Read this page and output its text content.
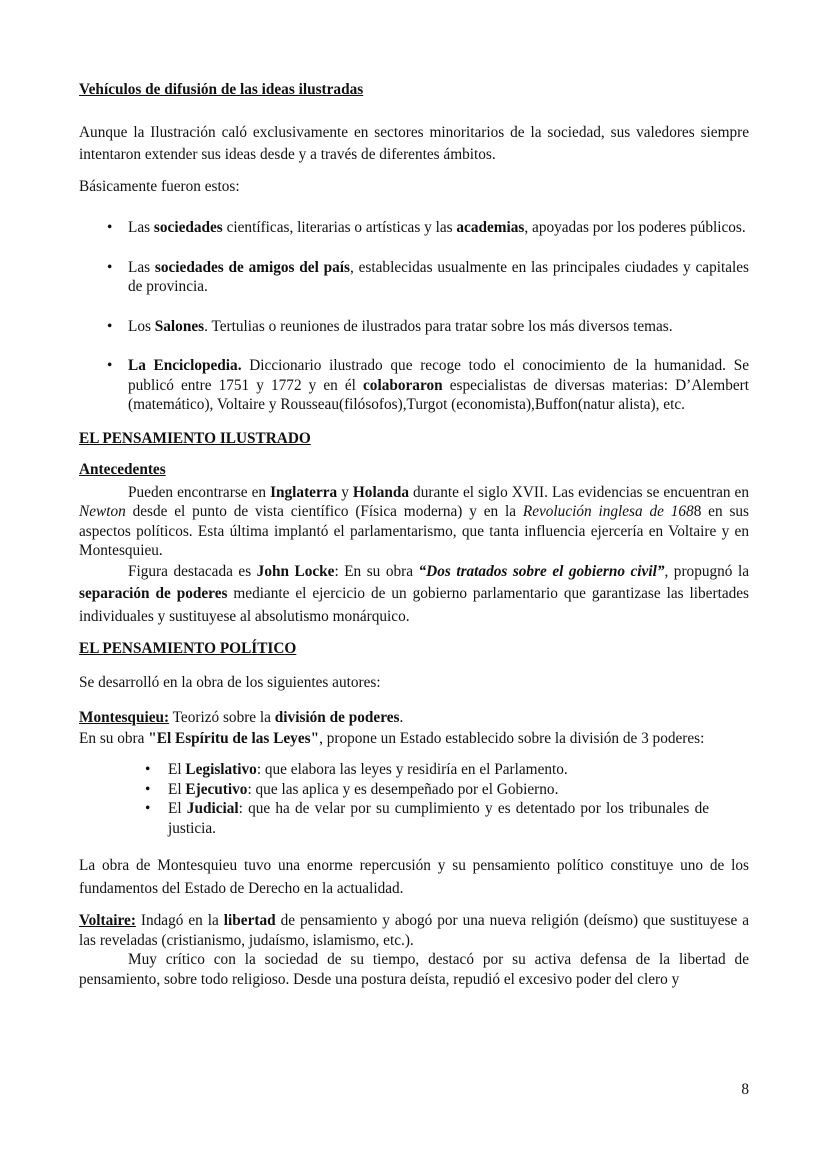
Vehículos de difusión de las ideas ilustradas

Aunque la Ilustración caló exclusivamente en sectores minoritarios de la sociedad, sus valedores siempre intentaron extender sus ideas desde y a través de diferentes ámbitos.

Básicamente fueron estos:

• Las sociedades científicas, literarias o artísticas y las academias, apoyadas por los poderes públicos.
• Las sociedades de amigos del país, establecidas usualmente en las principales ciudades y capitales de provincia.
• Los Salones. Tertulias o reuniones de ilustrados para tratar sobre los más diversos temas.
• La Enciclopedia. Diccionario ilustrado que recoge todo el conocimiento de la humanidad. Se publicó entre 1751 y 1772 y en él colaboraron especialistas de diversas materias: D’Alembert (matemático), Voltaire y Rousseau(filósofos),Turgot (economista),Buffon(natur alista), etc.

EL PENSAMIENTO ILUSTRADO

Antecedentes

Pueden encontrarse en Inglaterra y Holanda durante el siglo XVII. Las evidencias se encuentran en Newton desde el punto de vista científico (Física moderna) y en la Revolución inglesa de 1688 en sus aspectos políticos. Esta última implantó el parlamentarismo, que tanta influencia ejercería en Voltaire y en Montesquieu.

Figura destacada es John Locke: En su obra “Dos tratados sobre el gobierno civil”, propugnó la separación de poderes mediante el ejercicio de un gobierno parlamentario que garantizase las libertades individuales y sustituyese al absolutismo monárquico.

EL PENSAMIENTO POLÍTICO

Se desarrolló en la obra de los siguientes autores:

Montesquieu: Teorizó sobre la división de poderes.

En su obra "El Espíritu de las Leyes", propone un Estado establecido sobre la división de 3 poderes:

• El Legislativo: que elabora las leyes y residiría en el Parlamento.
• El Ejecutivo: que las aplica y es desempeñado por el Gobierno.
• El Judicial: que ha de velar por su cumplimiento y es detentado por los tribunales de justicia.

La obra de Montesquieu tuvo una enorme repercusión y su pensamiento político constituye uno de los fundamentos del Estado de Derecho en la actualidad.

Voltaire: Indagó en la libertad de pensamiento y abogó por una nueva religión (deísmo) que sustituyese a las reveladas (cristianismo, judaísmo, islamismo, etc.).

Muy crítico con la sociedad de su tiempo, destacó por su activa defensa de la libertad de pensamiento, sobre todo religioso. Desde una postura deísta, repudió el excesivo poder del clero y

8
